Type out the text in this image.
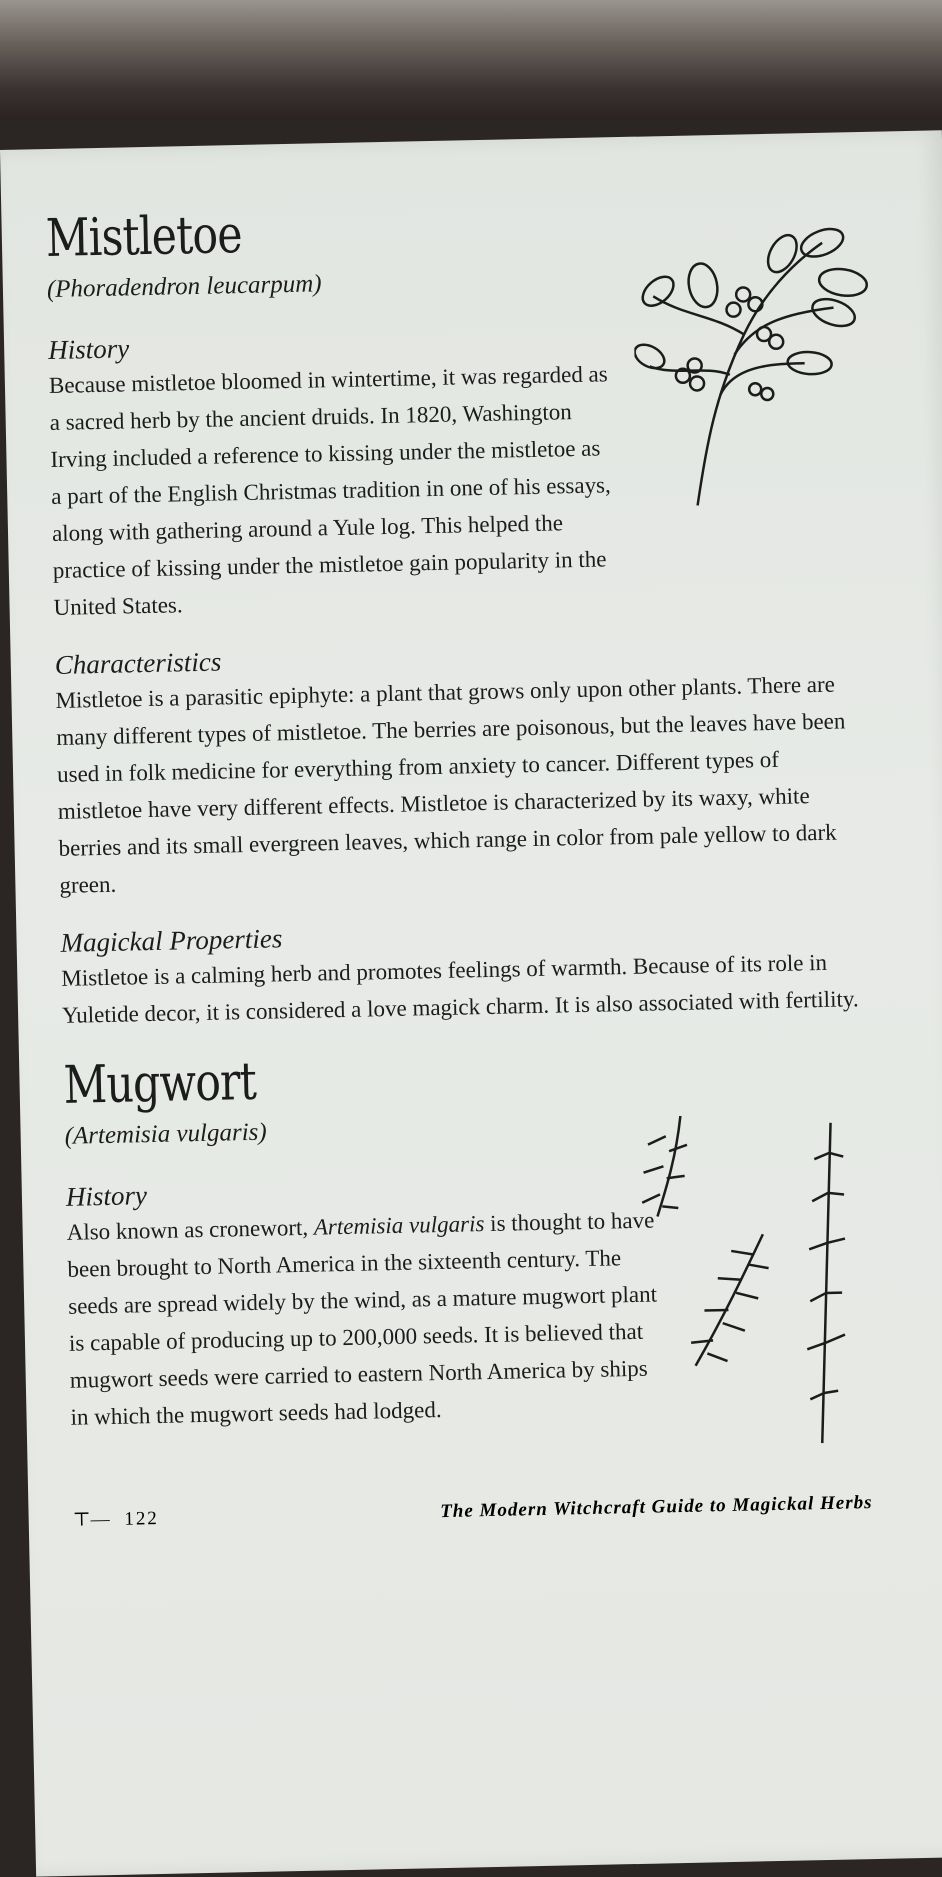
Mistletoe
(Phoradendron leucarpum)
History

Because mistletoe bloomed in wintertime, it was regarded as a sacred herb by the ancient druids. In 1820, Washington Irving included a reference to kissing under the mistletoe as a part of the English Christmas tradition in one of his essays, along with gathering around a Yule log. This helped the practice of kissing under the mistletoe gain popularity in the United States.

Characteristics

Mistletoe is a parasitic epiphyte: a plant that grows only upon other plants. There are many different types of mistletoe. The berries are poisonous, but the leaves have been used in folk medicine for everything from anxiety to cancer. Different types of mistletoe have very different effects. Mistletoe is characterized by its waxy, white berries and its small evergreen leaves, which range in color from pale yellow to dark green.

Magickal Properties

Mistletoe is a calming herb and promotes feelings of warmth. Because of its role in Yuletide decor, it is considered a love magick charm. It is also associated with fertility.

Mugwort
(Artemisia vulgaris)
History

Also known as cronewort, Artemisia vulgaris is thought to have been brought to North America in the sixteenth century. The seeds are spread widely by the wind, as a mature mugwort plant is capable of producing up to 200,000 seeds. It is believed that mugwort seeds were carried to eastern North America by ships in which the mugwort seeds had lodged.

⊤— 122	The Modern Witchcraft Guide to Magickal Herbs
